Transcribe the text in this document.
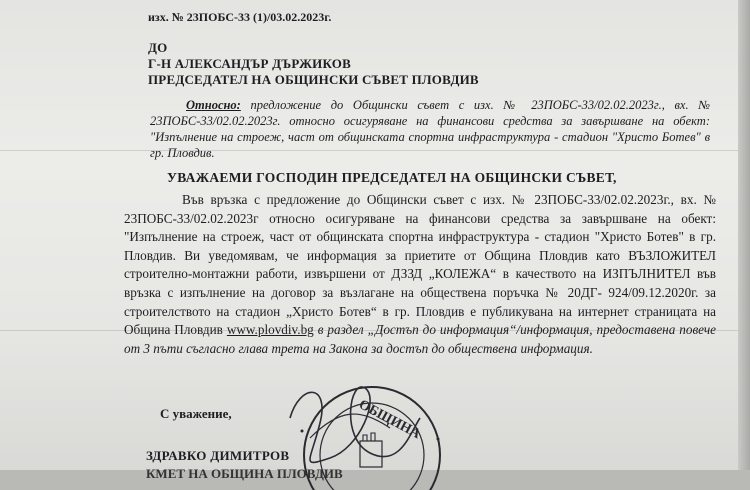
изх. № 23ПОБС-33 (1)/03.02.2023г.
ДО
Г-Н АЛЕКСАНДЪР ДЪРЖИКОВ
ПРЕДСЕДАТЕЛ НА ОБЩИНСКИ СЪВЕТ ПЛОВДИВ
Относно: предложение до Общински съвет с изх. № 23ПОБС-33/02.02.2023г., вх. № 23ПОБС-33/02.02.2023г. относно осигуряване на финансови средства за завършване на обект: "Изпълнение на строеж, част от общинската спортна инфраструктура - стадион "Христо Ботев" в гр. Пловдив.
УВАЖАЕМИ ГОСПОДИН ПРЕДСЕДАТЕЛ НА ОБЩИНСКИ СЪВЕТ,
Във връзка с предложение до Общински съвет с изх. № 23ПОБС-33/02.02.2023г., вх. № 23ПОБС-33/02.02.2023г относно осигуряване на финансови средства за завършване на обект: "Изпълнение на строеж, част от общинската спортна инфраструктура - стадион "Христо Ботев" в гр. Пловдив. Ви уведомявам, че информация за приетите от Община Пловдив като ВЪЗЛОЖИТЕЛ строително-монтажни работи, извършени от ДЗЗД „КОЛЕЖА“ в качеството на ИЗПЪЛНИТЕЛ във връзка с изпълнение на договор за възлагане на обществена поръчка № 20ДГ- 924/09.12.2020г. за строителството на стадион „Христо Ботев“ в гр. Пловдив е публикувана на интернет страницата на Община Пловдив www.plovdiv.bg в раздел „Достъп до информация“/информация, предоставена повече от 3 пъти съгласно глава трета на Закона за достъп до обществена информация.
С уважение,
ЗДРАВКО ДИМИТРОВ
КМЕТ НА ОБЩИНА ПЛОВДИВ
ОБЩИНА
